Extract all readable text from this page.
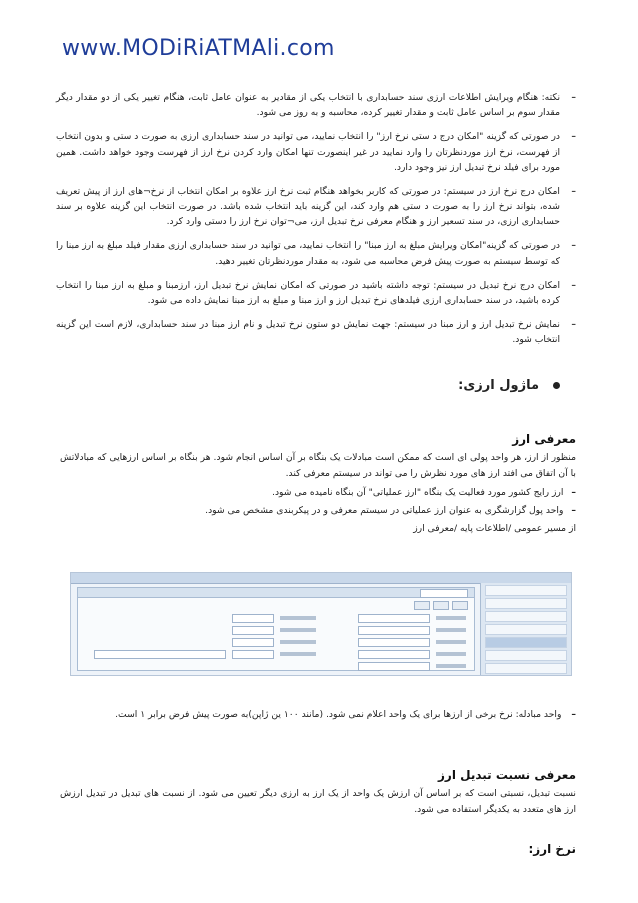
www.MODiRiATMAli.com
–
نکته: هنگام ویرایش اطلاعات ارزی سند حسابداری با انتخاب یکی از مقادیر به عنوان عامل ثابت، هنگام تغییر یکی از دو مقدار دیگر مقدار سوم بر اساس عامل ثابت و مقدار تغییر کرده، محاسبه و به روز می شود.
–
در صورتی که گزینه "امکان درج د ستی نرخ ارز" را انتخاب نمایید، می توانید در سند حسابداری ارزی به صورت د ستی و بدون انتخاب از فهرست، نرخ ارز موردنظرتان را وارد نمایید در غیر اینصورت تنها امکان وارد کردن نرخ ارز از فهرست وجود خواهد داشت. همین مورد برای فیلد نرخ تبدیل ارز نیز وجود دارد.
–
امکان درج نرخ ارز در سیستم: در صورتی که کاربر بخواهد هنگام ثبت نرخ ارز علاوه بر امکان انتخاب از نرخ¬های ارز از پیش تعریف شده، بتواند نرخ ارز را به صورت د ستی هم وارد کند، این گزینه باید انتخاب شده باشد. در صورت انتخاب این گزینه علاوه بر سند حسابداری ارزی، در سند تسعیر ارز و هنگام معرفی نرخ تبدیل ارز، می¬توان نرخ ارز را دستی وارد کرد.
–
در صورتی که گزینه"امکان ویرایش مبلغ به ارز مبنا" را انتخاب نمایید، می توانید در سند حسابداری ارزی مقدار فیلد مبلغ به ارز مبنا را که توسط سیستم به صورت پیش فرض محاسبه می شود، به مقدار موردنظرتان تغییر دهید.
–
امکان درج نرخ تبدیل در سیستم: توجه داشته باشید در صورتی که امکان نمایش نرخ تبدیل ارز، ارزمبنا و مبلغ به ارز مبنا را انتخاب کرده باشید، در سند حسابداری ارزی فیلدهای نرخ تبدیل ارز و ارز مبنا و مبلغ به ارز مبنا نمایش داده می شود.
–
نمایش نرخ تبدیل ارز و ارز مبنا در سیستم: جهت نمایش دو ستون نرخ تبدیل و نام ارز مبنا در سند حسابداری، لازم است این گزینه انتخاب شود.
ماژول ارزی:
معرفی ارز
منظور از ارز، هر واحد پولی ای است که ممکن است مبادلات یک بنگاه بر آن اساس انجام شود. هر بنگاه بر اساس ارزهایی که مبادلاتش با آن اتفاق می افتد ارز های مورد نظرش را می تواند در سیستم معرفی کند.
–ارز رایج کشور مورد فعالیت یک بنگاه "ارز عملیاتی" آن بنگاه نامیده می شود.
–واحد پول گزارشگری به عنوان ارز عملیاتی در سیستم معرفی و در پیکربندی مشخص می شود.
از مسیر عمومی /اطلاعات پایه /معرفی ارز
–واحد مبادله: نرخ برخی از ارزها برای یک واحد اعلام نمی شود. (مانند ۱۰۰ ین ژاپن)به صورت پیش فرض برابر ۱ است.
معرفی نسبت تبدیل ارز
نسبت تبدیل، نسبتی است که بر اساس آن ارزش یک واحد از یک ارز به ارزی دیگر تعیین می شود. از نسبت های تبدیل در تبدیل ارزش ارز های متعدد به یکدیگر استفاده می شود.
نرخ ارز:
